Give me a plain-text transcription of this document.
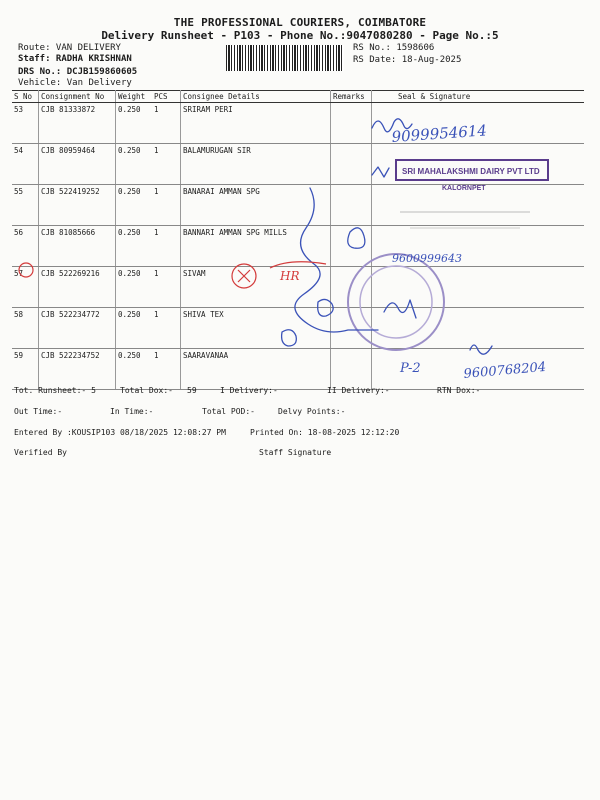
THE PROFESSIONAL COURIERS, COIMBATORE
Delivery Runsheet - P103 - Phone No.:9047080280 - Page No.:5
Route: VAN DELIVERY
Staff: RADHA KRISHNAN
DRS No.: DCJB159860605
Vehicle: Van Delivery
RS No.: 1598606
RS Date: 18-Aug-2025
S No	Consignment No	Weight	PCS	Consignee Details	Remarks	Seal & Signature
53	CJB 81333872	0.250	1	SRIRAM PERI		
54	CJB 80959464	0.250	1	BALAMURUGAN SIR		
55	CJB 522419252	0.250	1	BANARAI AMMAN SPG		
56	CJB 81085666	0.250	1	BANNARI AMMAN SPG MILLS		
57	CJB 522269216	0.250	1	SIVAM		
58	CJB 522234772	0.250	1	SHIVA TEX		
59	CJB 522234752	0.250	1	SAARAVANAA		
Tot. Runsheet:- 5	Total Dox:- 59	I Delivery:-	II Delivery:-	RTN Dox:-
Out Time:-	In Time:-	Total POD:-	Delvy Points:-
Entered By :KOUSIP103 08/18/2025 12:08:27 PM	Printed On: 18-08-2025 12:12:20
Verified By	Staff Signature
SRI MAHALAKSHMI DAIRY PVT LTD
KALORNPET
HR
9099954614
9600999643
9600768204
P-2
